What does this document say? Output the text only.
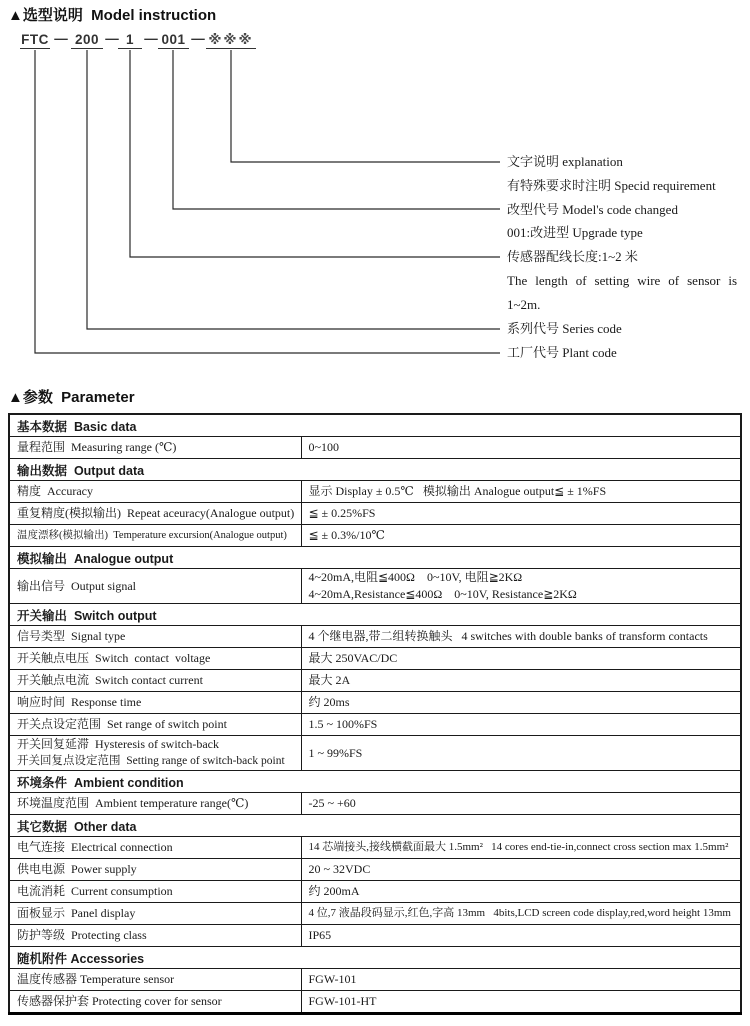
▲选型说明  Model instruction
FTC — 200 — 1 — 001 — ※※※
文字说明 explanation
有特殊要求时注明 Specid requirement
改型代号 Model's code changed
001:改进型 Upgrade type
传感器配线长度:1~2 米
The length of setting wire of sensor is
1~2m.
系列代号 Series code
工厂代号 Plant code
▲参数  Parameter
基本数据  Basic data	

量程范围  Measuring range (℃)	0~100

输出数据  Output data	

精度  Accuracy	显示 Display ± 0.5℃   模拟输出 Analogue output≦ ± 1%FS

重复精度(模拟输出)  Repeat aceuracy(Analogue output)	≦ ± 0.25%FS

温度漂移(模拟输出)  Temperature excursion(Analogue output)	≦ ± 0.3%/10℃

模拟输出  Analogue output	

输出信号  Output signal	4~20mA,电阻≦400Ω    0~10V, 电阻≧2KΩ
4~20mA,Resistance≦400Ω    0~10V, Resistance≧2KΩ

开关输出  Switch output	

信号类型  Signal type	4 个继电器,带二组转换触头   4 switches with double banks of transform contacts

开关触点电压  Switch  contact  voltage	最大 250VAC/DC

开关触点电流  Switch contact current	最大 2A

响应时间  Response time	约 20ms

开关点设定范围  Set range of switch point	1.5 ~ 100%FS

开关回复延滞  Hysteresis of switch-back
开关回复点设定范围  Setting range of switch-back point	1 ~ 99%FS

环境条件  Ambient condition	

环境温度范围  Ambient temperature range(℃)	-25 ~ +60

其它数据  Other data	

电气连接  Electrical connection	14 芯端接头,接线横截面最大 1.5mm²   14 cores end-tie-in,connect cross section max 1.5mm²

供电电源  Power supply	20 ~ 32VDC

电流消耗  Current consumption	约 200mA

面板显示  Panel display	4 位,7 液晶段码显示,红色,字高 13mm   4bits,LCD screen code display,red,word height 13mm

防护等级  Protecting class	IP65

随机附件 Accessories	

温度传感器 Temperature sensor	FGW-101

传感器保护套 Protecting cover for sensor	FGW-101-HT
